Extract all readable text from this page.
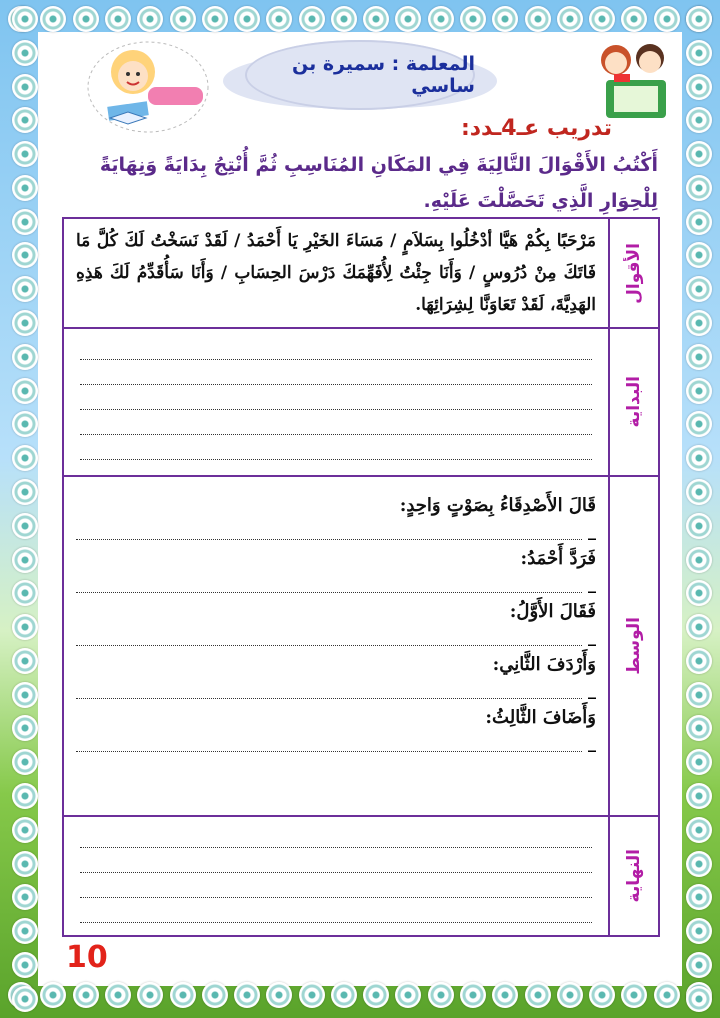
المعلمة : سميرة بن ساسي
تدريب عـ4ـدد:
أَكْتُبُ الأَقْوَالَ التَّالِيَةَ فِي المَكَانِ المُنَاسِبِ ثُمَّ أُنْتِجُ بِدَايَةً وَنِهَايَةً لِلْحِوَارِ الَّذِي تَحَصَّلْتَ عَلَيْهِ.
الأقوال
مَرْحَبًا بِكُمْ هَيَّا أدْخُلُوا بِسَلاَمٍ / مَسَاءَ الخَيْرِ يَا أَحْمَدُ / لَقَدْ نَسَخْتُ لَكَ كُلَّ مَا فَاتَكَ مِنْ دُرُوسٍ / وَأَنَا جِئْتُ لِأُفَهِّمَكَ دَرْسَ الحِسَابِ / وَأَنَا سَأُقَدِّمُ لَكَ هَذِهِ الهَدِيَّةَ، لَقَدْ تَعَاوَنَّا لِشِرَائِهَا.
البداية
الوسط
قَالَ الأَصْدِقَاءُ بِصَوْتٍ وَاحِدٍ:
_
فَرَدَّ أَحْمَدُ:
_
فَقَالَ الأَوَّلُ:
_
وَأَرْدَفَ الثَّانِي:
_
وَأَضَافَ الثَّالِثُ:
_
النهاية
10
